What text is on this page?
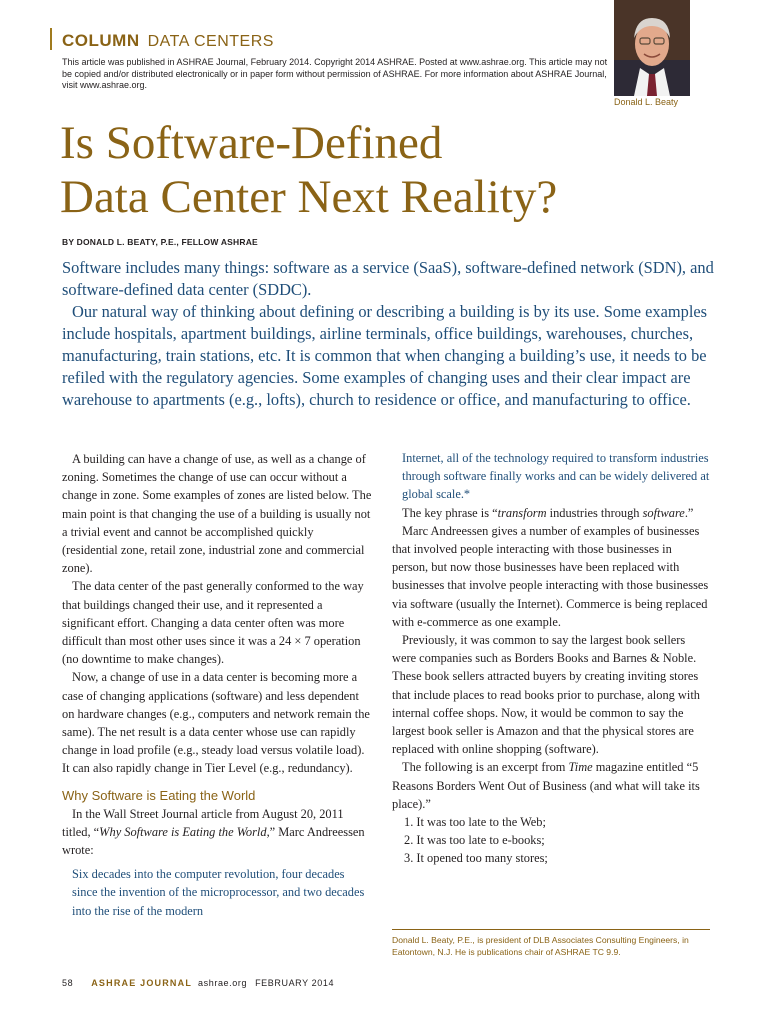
COLUMN DATA CENTERS
This article was published in ASHRAE Journal, February 2014. Copyright 2014 ASHRAE. Posted at www.ashrae.org. This article may not be copied and/or distributed electronically or in paper form without permission of ASHRAE. For more information about ASHRAE Journal, visit www.ashrae.org.
Donald L. Beaty
Is Software-Defined
Data Center Next Reality?
BY DONALD L. BEATY, P.E., FELLOW ASHRAE

Software includes many things: software as a service (SaaS), software-defined network (SDN), and software-defined data center (SDDC).

Our natural way of thinking about defining or describing a building is by its use. Some examples include hospitals, apartment buildings, airline terminals, office buildings, warehouses, churches, manufacturing, train stations, etc. It is common that when changing a building’s use, it needs to be refiled with the regulatory agencies. Some examples of changing uses and their clear impact are warehouse to apartments (e.g., lofts), church to residence or office, and manufacturing to office.

A building can have a change of use, as well as a change of zoning. Sometimes the change of use can occur without a change in zone. Some examples of zones are listed below. The main point is that changing the use of a building is usually not a trivial event and cannot be accomplished quickly (residential zone, retail zone, industrial zone and commercial zone).

The data center of the past generally conformed to the way that buildings changed their use, and it represented a significant effort. Changing a data center often was more difficult than most other uses since it was a 24 × 7 operation (no downtime to make changes).

Now, a change of use in a data center is becoming more a case of changing applications (software) and less dependent on hardware changes (e.g., computers and network remain the same). The net result is a data center whose use can rapidly change in load profile (e.g., steady load versus volatile load). It can also rapidly change in Tier Level (e.g., redundancy).

Why Software is Eating the World

In the Wall Street Journal article from August 20, 2011 titled, “Why Software is Eating the World,” Marc Andreessen wrote:

Six decades into the computer revolution, four decades since the invention of the microprocessor, and two decades into the rise of the modern

Internet, all of the technology required to transform industries through software finally works and can be widely delivered at global scale.*

The key phrase is “transform industries through software.”

Marc Andreessen gives a number of examples of businesses that involved people interacting with those businesses in person, but now those businesses have been replaced with businesses that involve people interacting with those businesses via software (usually the Internet). Commerce is being replaced with e-commerce as one example.

Previously, it was common to say the largest book sellers were companies such as Borders Books and Barnes & Noble. These book sellers attracted buyers by creating inviting stores that include places to read books prior to purchase, along with internal coffee shops. Now, it would be common to say the largest book seller is Amazon and that the physical stores are replaced with online shopping (software).

The following is an excerpt from Time magazine entitled “5 Reasons Borders Went Out of Business (and what will take its place).”

1. It was too late to the Web;
2. It was too late to e-books;
3. It opened too many stores;
Donald L. Beaty, P.E., is president of DLB Associates Consulting Engineers, in Eatontown, N.J. He is publications chair of ASHRAE TC 9.9.
58 ASHRAE JOURNAL ashrae.org FEBRUARY 2014
